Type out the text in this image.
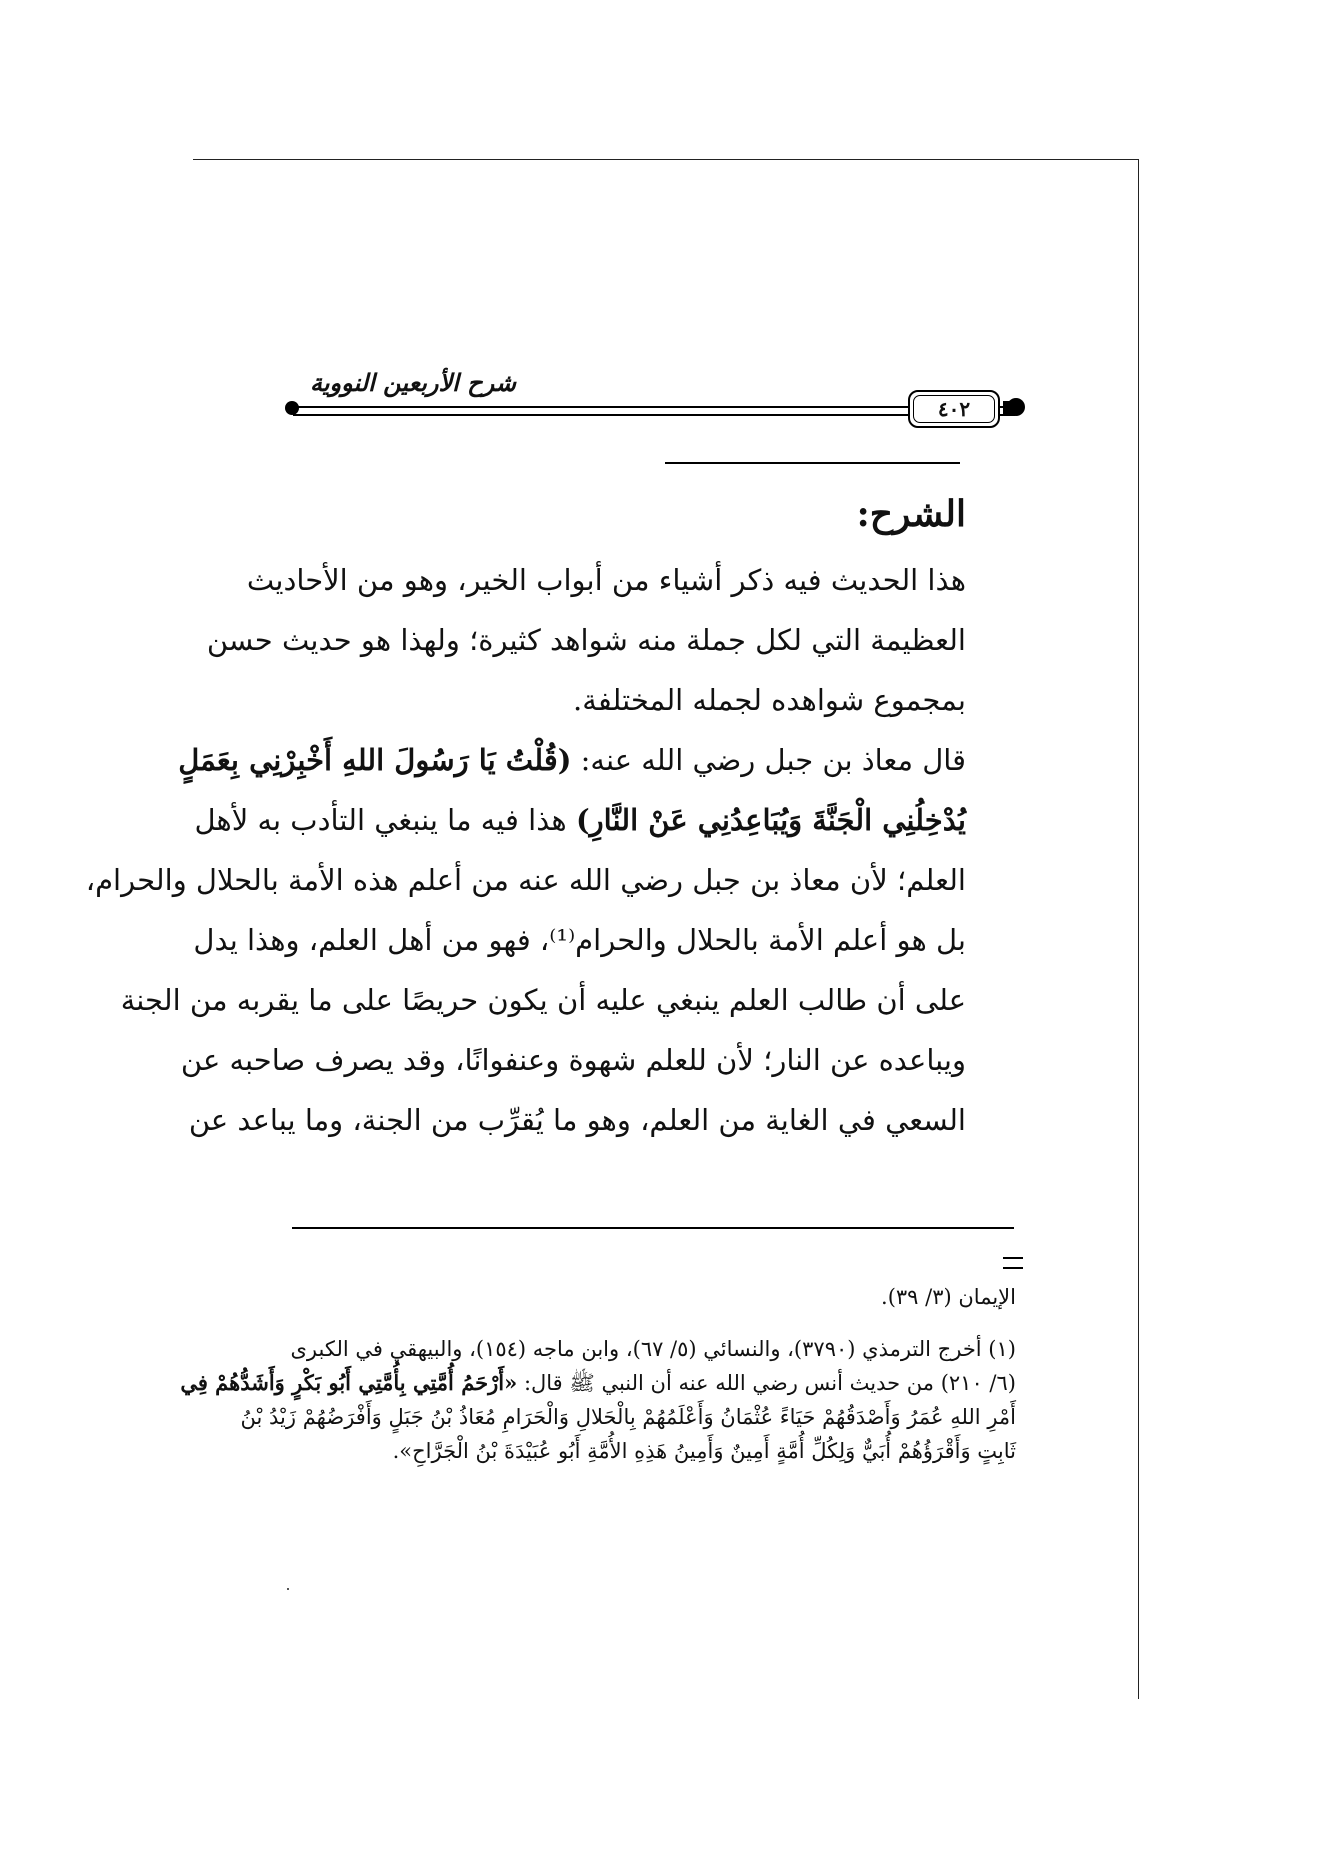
شرح الأربعين النووية
٤٠٢
الشرح:
هذا الحديث فيه ذكر أشياء من أبواب الخير، وهو من الأحاديث
العظيمة التي لكل جملة منه شواهد كثيرة؛ ولهذا هو حديث حسن
بمجموع شواهده لجمله المختلفة.
قال معاذ بن جبل رضي الله عنه: (قُلْتُ يَا رَسُولَ اللهِ أَخْبِرْنِي بِعَمَلٍ
يُدْخِلُنِي الْجَنَّةَ وَيُبَاعِدُنِي عَنْ النَّارِ) هذا فيه ما ينبغي التأدب به لأهل
العلم؛ لأن معاذ بن جبل رضي الله عنه من أعلم هذه الأمة بالحلال والحرام،
بل هو أعلم الأمة بالحلال والحرام⁽¹⁾، فهو من أهل العلم، وهذا يدل
على أن طالب العلم ينبغي عليه أن يكون حريصًا على ما يقربه من الجنة
ويباعده عن النار؛ لأن للعلم شهوة وعنفوانًا، وقد يصرف صاحبه عن
السعي في الغاية من العلم، وهو ما يُقرِّب من الجنة، وما يباعد عن
الإيمان (٣/ ٣٩).
(١) أخرج الترمذي (٣٧٩٠)، والنسائي (٥/ ٦٧)، وابن ماجه (١٥٤)، والبيهقي في الكبرى
(٦/ ٢١٠) من حديث أنس رضي الله عنه أن النبي ﷺ قال: «أَرْحَمُ أُمَّتِي بِأُمَّتِي أَبُو بَكْرٍ وَأَشَدُّهُمْ فِي
أَمْرِ اللهِ عُمَرُ وَأَصْدَقُهُمْ حَيَاءً عُثْمَانُ وَأَعْلَمُهُمْ بِالْحَلالِ وَالْحَرَامِ مُعَاذُ بْنُ جَبَلٍ وَأَفْرَضُهُمْ زَيْدُ بْنُ
ثَابِتٍ وَأَقْرَؤُهُمْ أُبَيٌّ وَلِكُلِّ أُمَّةٍ أَمِينٌ وَأَمِينُ هَذِهِ الأُمَّةِ أَبُو عُبَيْدَةَ بْنُ الْجَرَّاحِ».
